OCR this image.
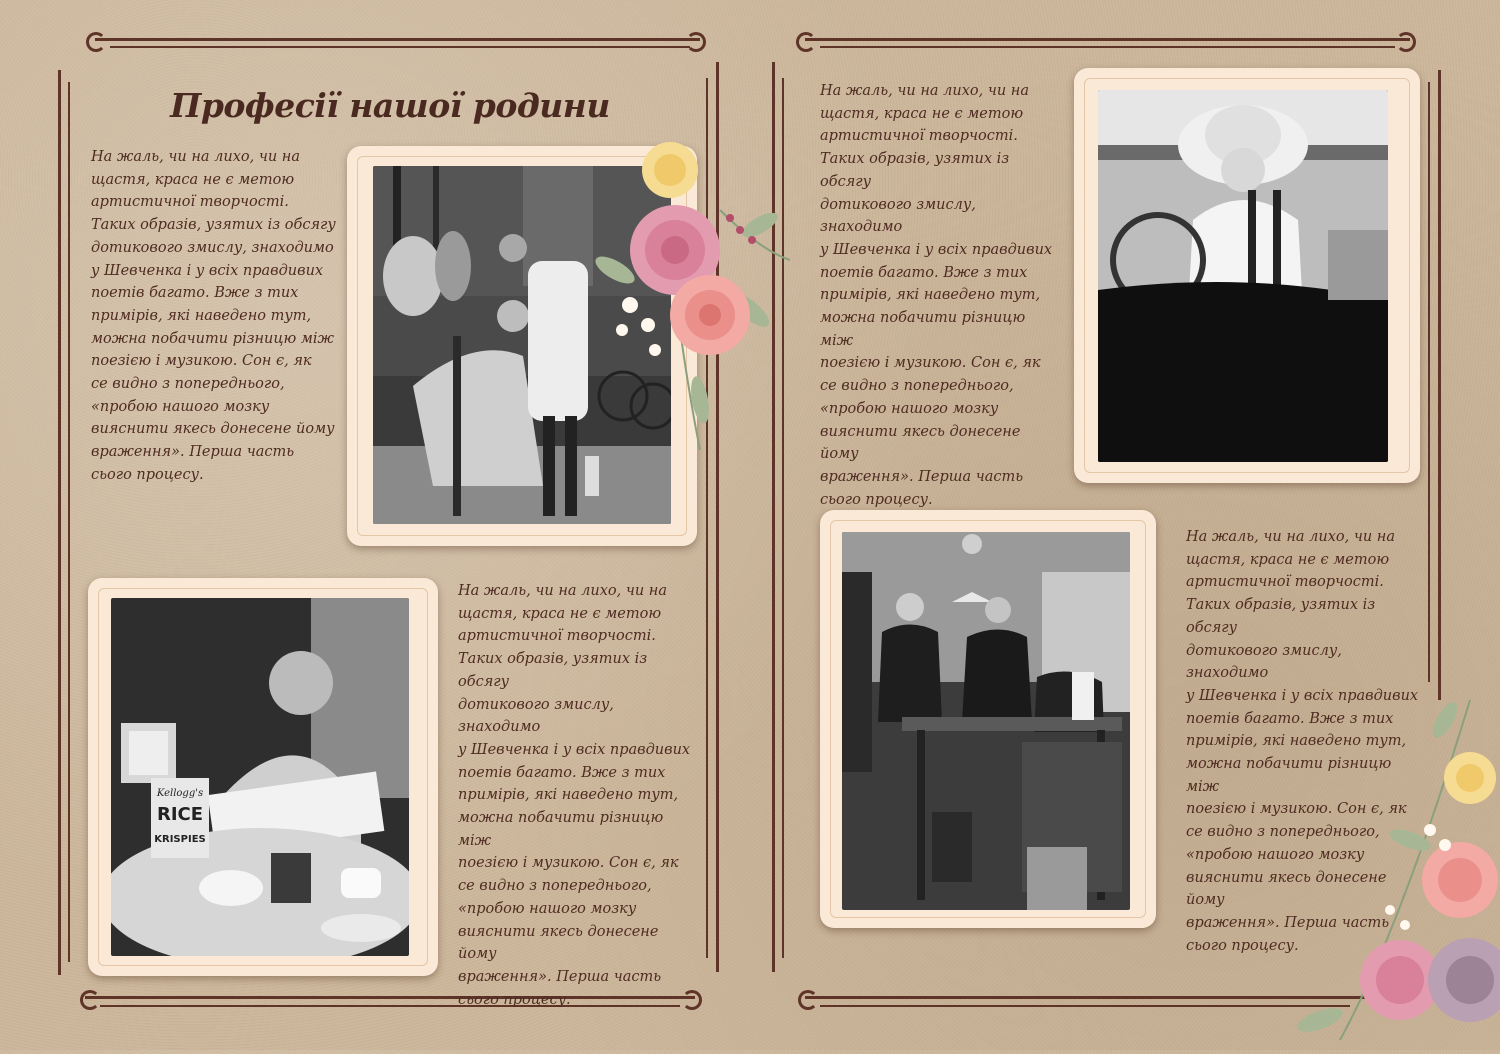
Професії нашої родини
На жаль, чи на лихо, чи на
щастя, краса не є метою
артистичної творчості.
Таких образів, узятих із обсягу
дотикового змислу, знаходимо
у Шевченка і у всіх правдивих
поетів багато. Вже з тих
примірів, які наведено тут,
можна побачити різницю між
поезією і музикою. Сон є, як
се видно з попереднього,
«пробою нашого мозку
вияснити якесь донесене йому
враження». Перша часть
сього процесу.
Kellogg's
RICE
KRISPIES
На жаль, чи на лихо, чи на
щастя, краса не є метою
артистичної творчості.
Таких образів, узятих із обсягу
дотикового змислу, знаходимо
у Шевченка і у всіх правдивих
поетів багато. Вже з тих
примірів, які наведено тут,
можна побачити різницю між
поезією і музикою. Сон є, як
се видно з попереднього,
«пробою нашого мозку
вияснити якесь донесене йому
враження». Перша часть
сього процесу.
На жаль, чи на лихо, чи на
щастя, краса не є метою
артистичної творчості.
Таких образів, узятих із обсягу
дотикового змислу, знаходимо
у Шевченка і у всіх правдивих
поетів багато. Вже з тих
примірів, які наведено тут,
можна побачити різницю між
поезією і музикою. Сон є, як
се видно з попереднього,
«пробою нашого мозку
вияснити якесь донесене йому
враження». Перша часть
сього процесу.
На жаль, чи на лихо, чи на
щастя, краса не є метою
артистичної творчості.
Таких образів, узятих із обсягу
дотикового змислу, знаходимо
у Шевченка і у всіх правдивих
поетів багато. Вже з тих
примірів, які наведено тут,
можна побачити різницю між
поезією і музикою. Сон є, як
се видно з попереднього,
«пробою нашого мозку
вияснити якесь донесене йому
враження». Перша часть
сього процесу.
